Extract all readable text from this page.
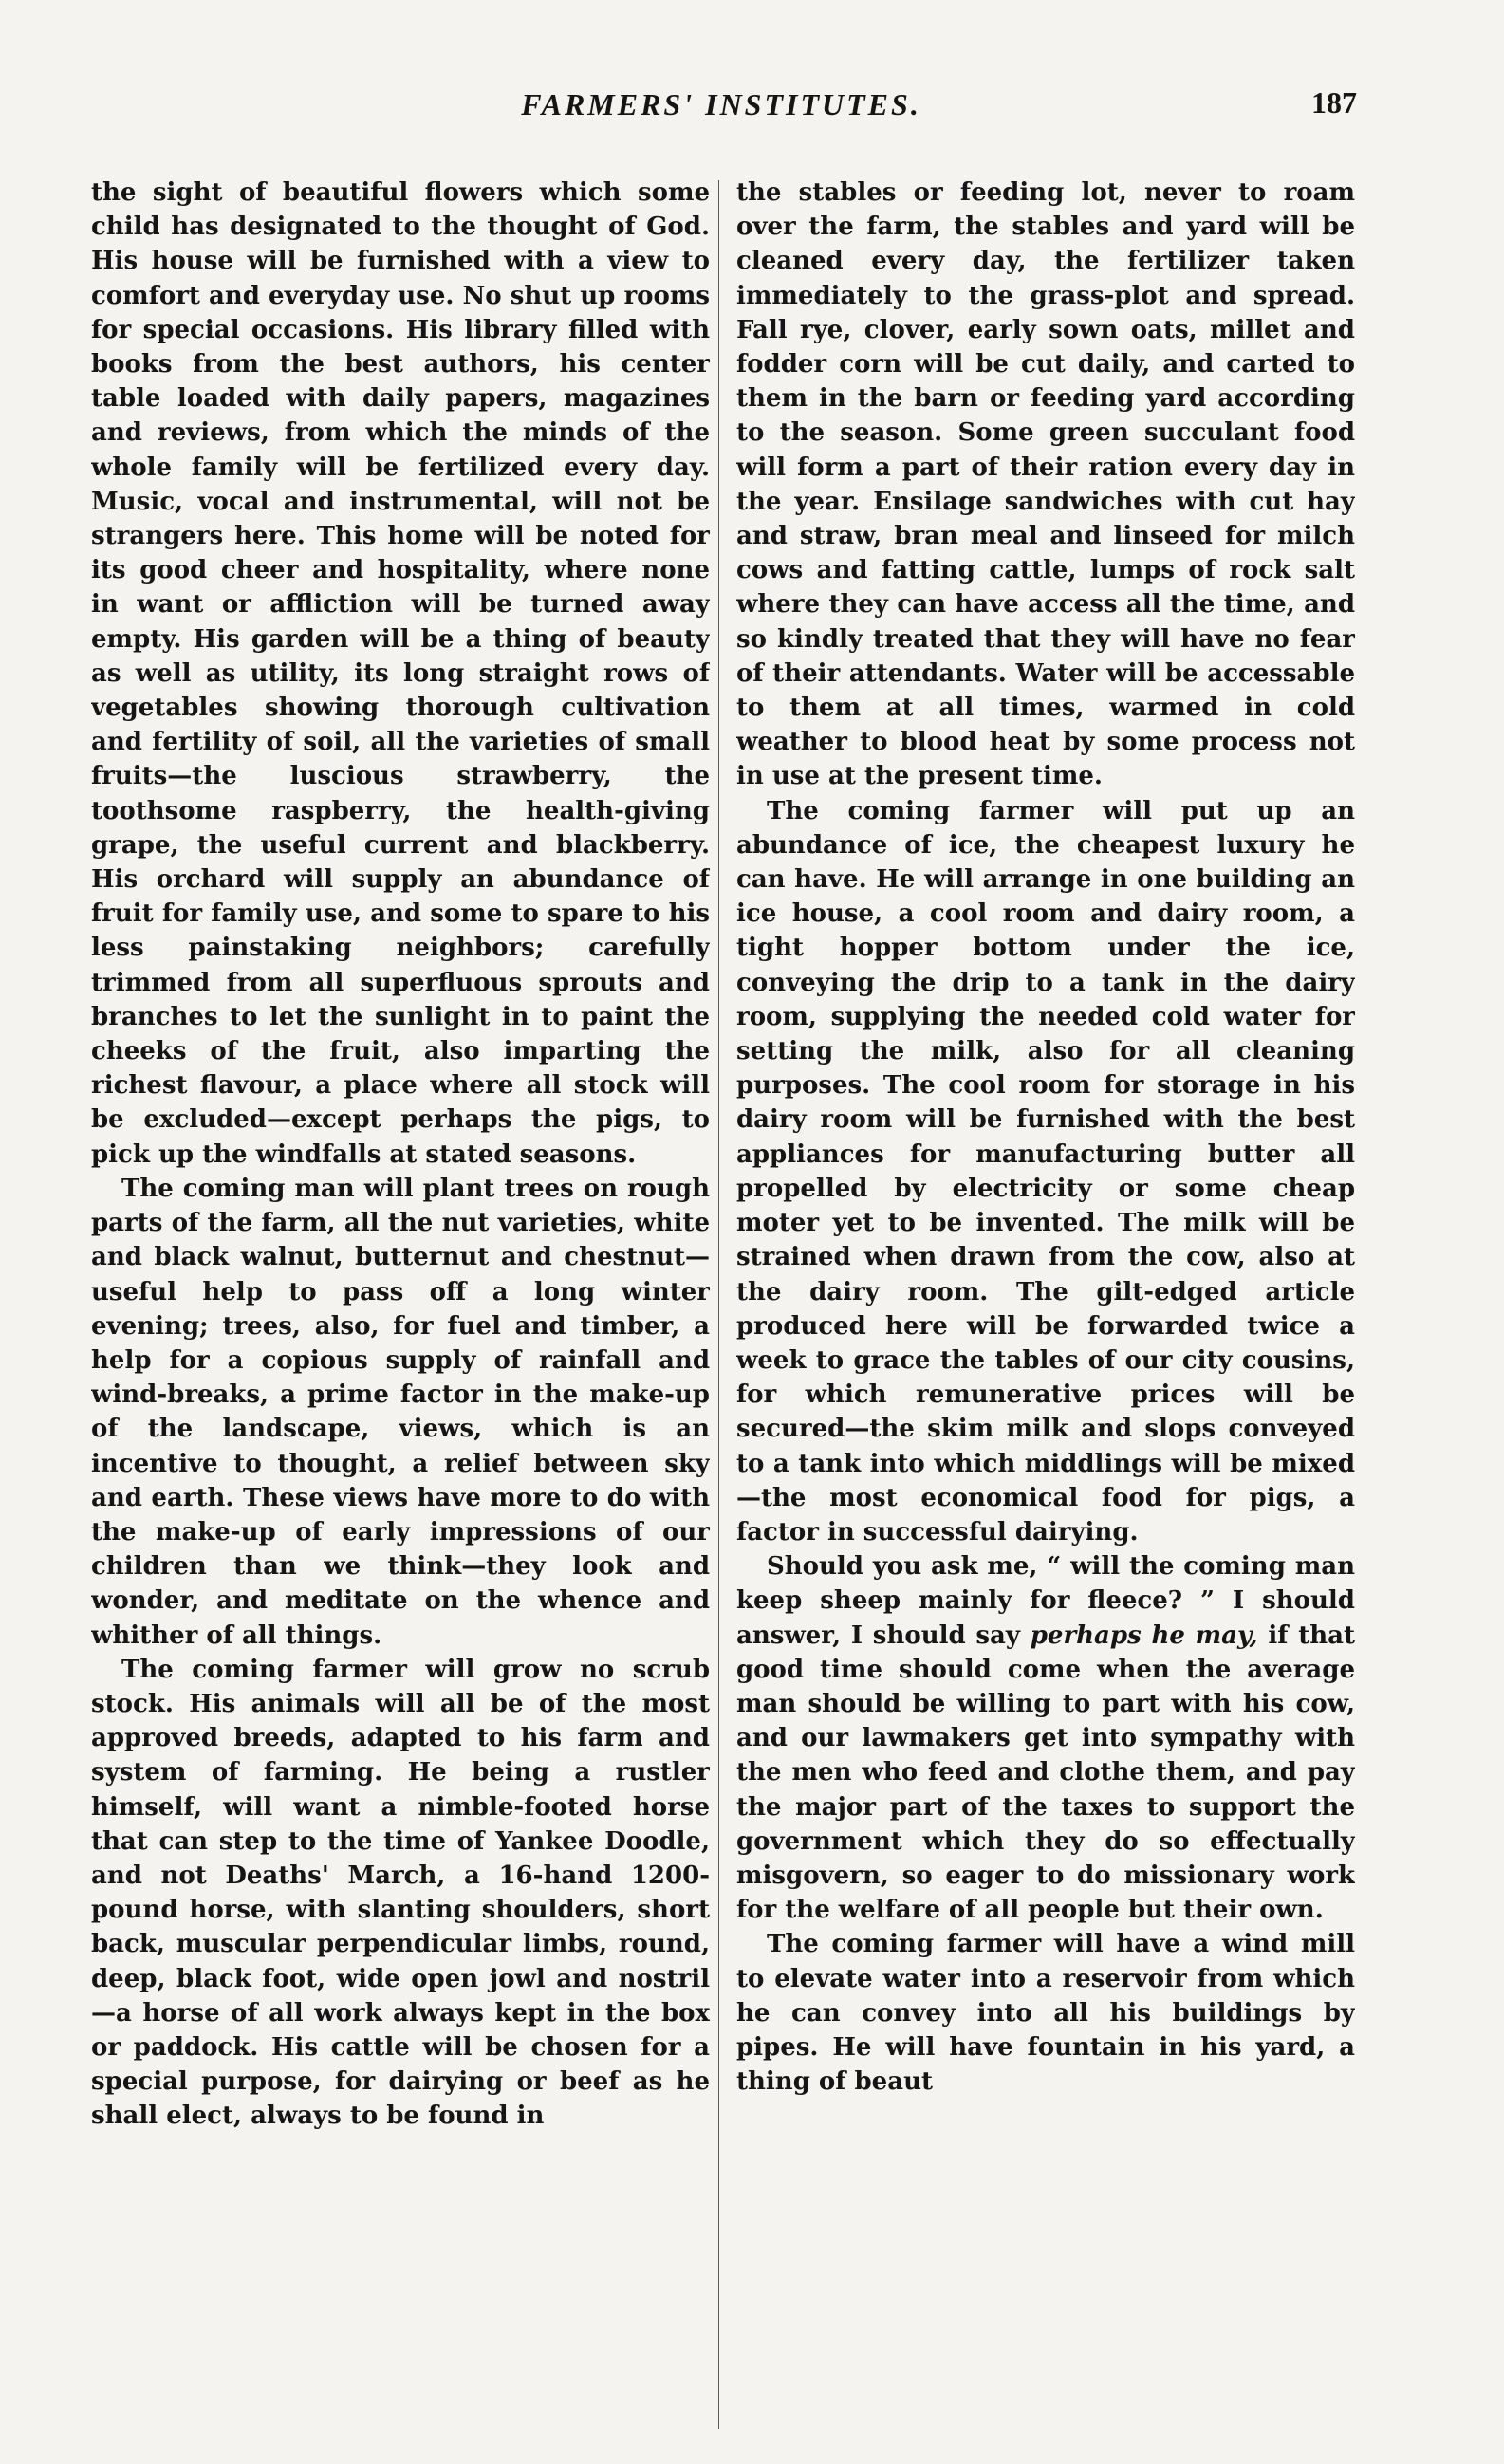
FARMERS' INSTITUTES.	187

the sight of beautiful flowers which some child has designated to the thought of God. His house will be furnished with a view to comfort and everyday use. No shut up rooms for special occasions. His library filled with books from the best authors, his center table loaded with daily papers, magazines and reviews, from which the minds of the whole family will be fertilized every day. Music, vocal and instrumental, will not be strangers here. This home will be noted for its good cheer and hospitality, where none in want or affliction will be turned away empty. His garden will be a thing of beauty as well as utility, its long straight rows of vegetables showing thorough cultivation and fertility of soil, all the varieties of small fruits—the luscious strawberry, the toothsome raspberry, the health-giving grape, the useful current and blackberry. His orchard will supply an abundance of fruit for family use, and some to spare to his less painstaking neighbors; carefully trimmed from all superfluous sprouts and branches to let the sunlight in to paint the cheeks of the fruit, also imparting the richest flavour, a place where all stock will be excluded—except perhaps the pigs, to pick up the windfalls at stated seasons.

The coming man will plant trees on rough parts of the farm, all the nut varieties, white and black walnut, butternut and chestnut—useful help to pass off a long winter evening; trees, also, for fuel and timber, a help for a copious supply of rainfall and wind-breaks, a prime factor in the make-up of the landscape, views, which is an incentive to thought, a relief between sky and earth. These views have more to do with the make-up of early impressions of our children than we think—they look and wonder, and meditate on the whence and whither of all things.

The coming farmer will grow no scrub stock. His animals will all be of the most approved breeds, adapted to his farm and system of farming. He being a rustler himself, will want a nimble-footed horse that can step to the time of Yankee Doodle, and not Deaths' March, a 16-hand 1200-pound horse, with slanting shoulders, short back, muscular perpendicular limbs, round, deep, black foot, wide open jowl and nostril—a horse of all work always kept in the box or paddock. His cattle will be chosen for a special purpose, for dairying or beef as he shall elect, always to be found in

the stables or feeding lot, never to roam over the farm, the stables and yard will be cleaned every day, the fertilizer taken immediately to the grass-plot and spread. Fall rye, clover, early sown oats, millet and fodder corn will be cut daily, and carted to them in the barn or feeding yard according to the season. Some green succulant food will form a part of their ration every day in the year. Ensilage sandwiches with cut hay and straw, bran meal and linseed for milch cows and fatting cattle, lumps of rock salt where they can have access all the time, and so kindly treated that they will have no fear of their attendants. Water will be accessable to them at all times, warmed in cold weather to blood heat by some process not in use at the present time.

The coming farmer will put up an abundance of ice, the cheapest luxury he can have. He will arrange in one building an ice house, a cool room and dairy room, a tight hopper bottom under the ice, conveying the drip to a tank in the dairy room, supplying the needed cold water for setting the milk, also for all cleaning purposes. The cool room for storage in his dairy room will be furnished with the best appliances for manufacturing butter all propelled by electricity or some cheap moter yet to be invented. The milk will be strained when drawn from the cow, also at the dairy room. The gilt-edged article produced here will be forwarded twice a week to grace the tables of our city cousins, for which remunerative prices will be secured—the skim milk and slops conveyed to a tank into which middlings will be mixed—the most economical food for pigs, a factor in successful dairying.

Should you ask me, “ will the coming man keep sheep mainly for fleece? ” I should answer, I should say perhaps he may, if that good time should come when the average man should be willing to part with his cow, and our lawmakers get into sympathy with the men who feed and clothe them, and pay the major part of the taxes to support the government which they do so effectually misgovern, so eager to do missionary work for the welfare of all people but their own.

The coming farmer will have a wind mill to elevate water into a reservoir from which he can convey into all his buildings by pipes. He will have fountain in his yard, a thing of beaut
